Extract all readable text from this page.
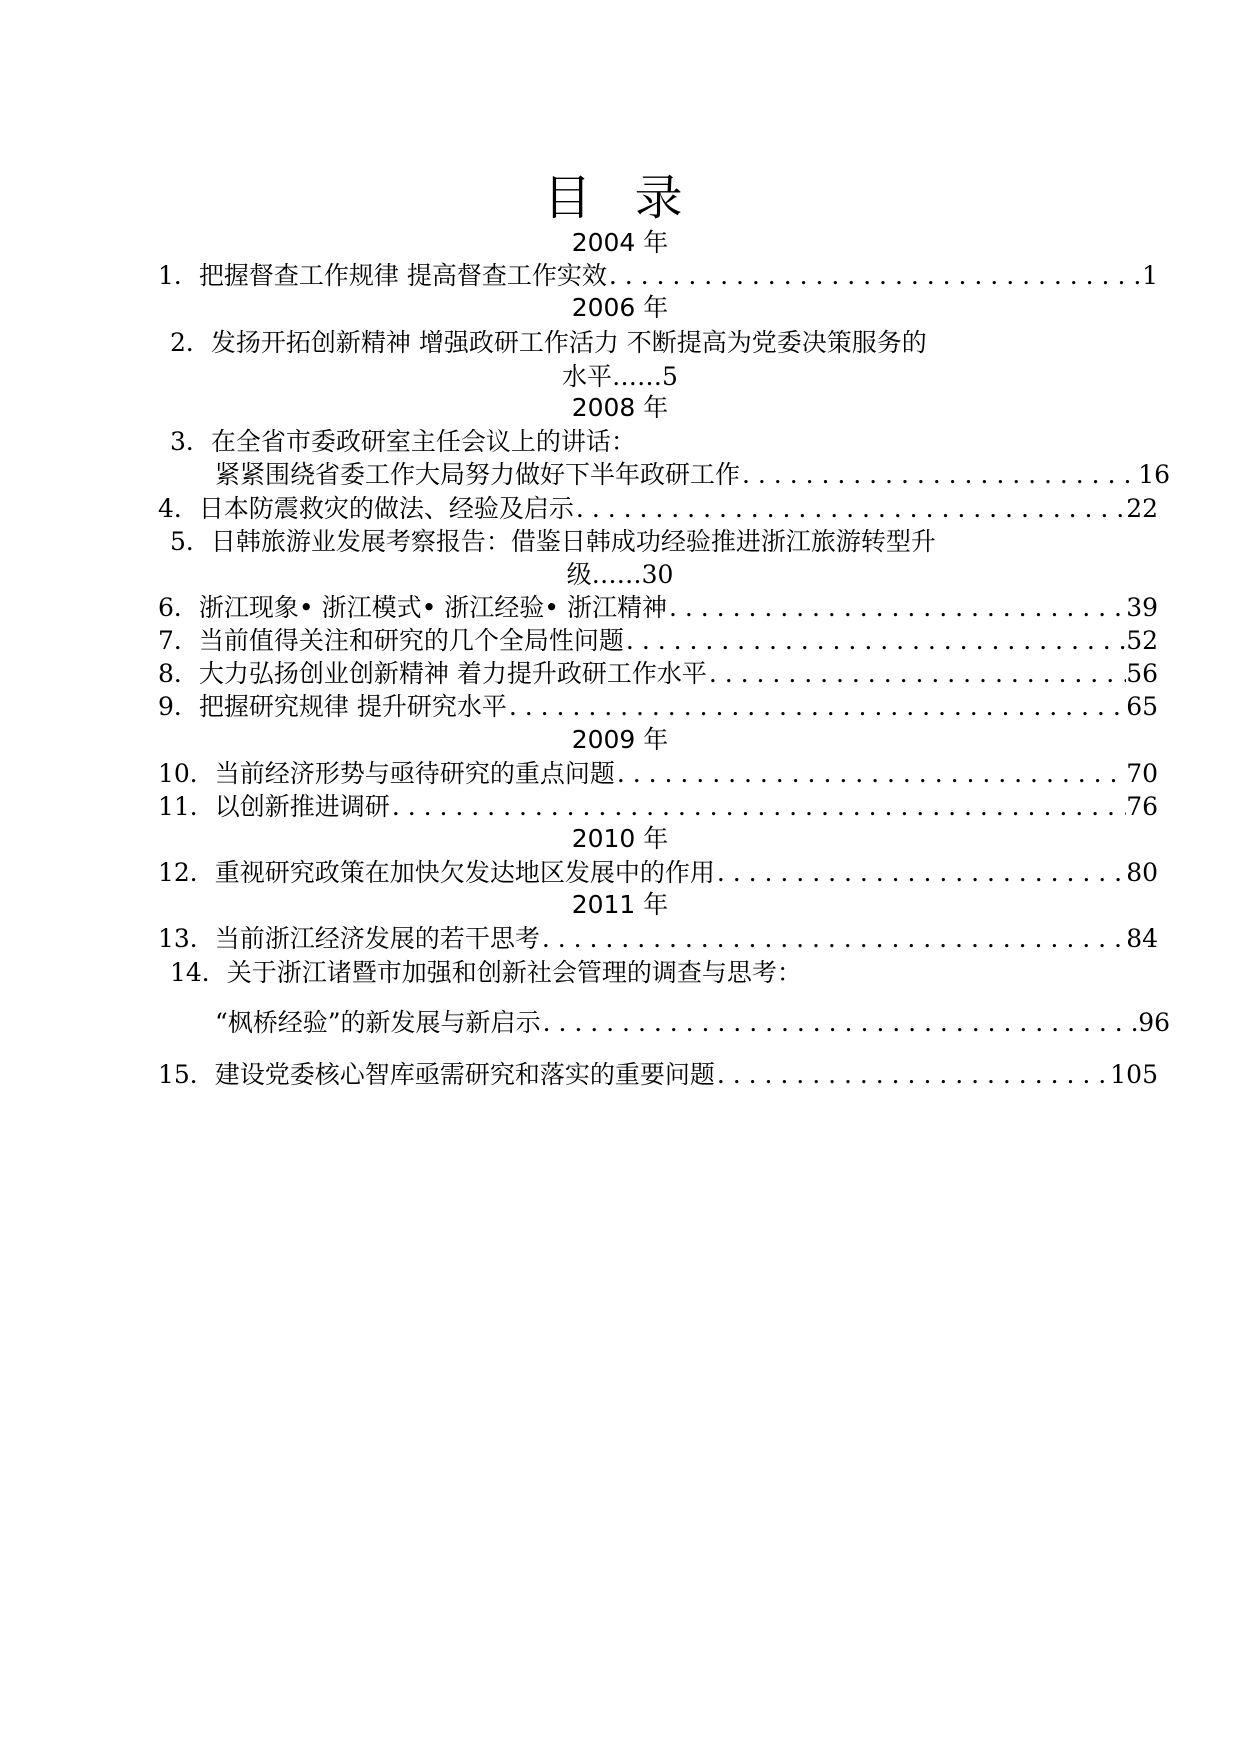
目 录
2004 年
1．把握督查工作规律 提高督查工作实效 . . .	1
2006 年
2．发扬开拓创新精神 增强政研工作活力 不断提高为党委决策服务的
水平……5
2008 年
3．在全省市委政研室主任会议上的讲话：
紧紧围绕省委工作大局努力做好下半年政研工作 . . .	16
4．日本防震救灾的做法、经验及启示 . . .	22
5．日韩旅游业发展考察报告：借鉴日韩成功经验推进浙江旅游转型升
级……30
6．浙江现象• 浙江模式• 浙江经验• 浙江精神 . . .	39
7．当前值得关注和研究的几个全局性问题 . . .	52
8．大力弘扬创业创新精神 着力提升政研工作水平 . . .	56
9．把握研究规律 提升研究水平 . . .	65
2009 年
10．当前经济形势与亟待研究的重点问题 . . .	70
11．以创新推进调研 . . .	76
2010 年
12．重视研究政策在加快欠发达地区发展中的作用 . . .	80
2011 年
13．当前浙江经济发展的若干思考 . . .	84
14．关于浙江诸暨市加强和创新社会管理的调查与思考：
“枫桥经验”的新发展与新启示 . . .	96
15．建设党委核心智库亟需研究和落实的重要问题 . . .	105
